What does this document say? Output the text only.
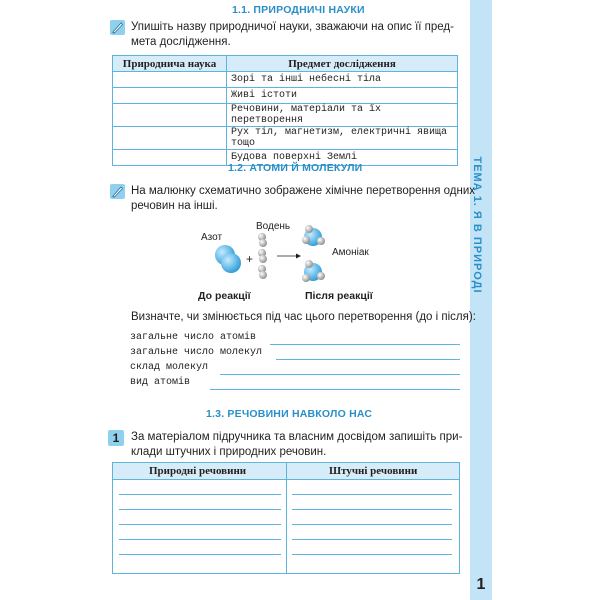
ТЕМА 1. Я В ПРИРОДІ
1
1.1. ПРИРОДНИЧІ НАУКИ
Упишіть назву природничої науки, зважаючи на опис її пред-
мета дослідження.
Природнича наука	Предмет дослідження
	Зорі та інші небесні тіла
	Живі істоти
	Речовини, матеріали та їх перетворення
	Рух тіл, магнетизм, електричні явища тощо
	Будова поверхні Землі
1.2. АТОМИ Й МОЛЕКУЛИ
На малюнку схематично зображене хімічне перетворення одних
речовин на інші.
Азот
Водень
Амоніак
+
До реакції	Після реакції
Визначте, чи змінюється під час цього перетворення (до і після):
загальне число атомів
загальне число молекул
склад молекул
вид атомів
1.3. РЕЧОВИНИ НАВКОЛО НАС
1	За матеріалом підручника та власним досвідом запишіть при-
клади штучних і природних речовин.
Природні речовини	Штучні речовини
